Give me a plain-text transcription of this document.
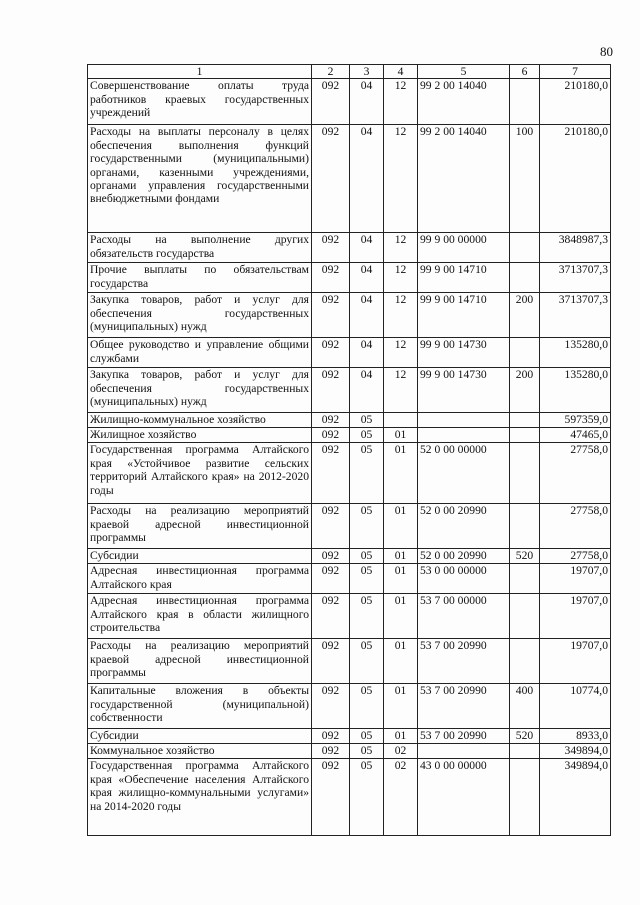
80
1	2	3	4	5	6	7
Совершенствование оплаты труда работников краевых государственных учреждений	092	04	12	99 2 00 14040		210180,0
Расходы на выплаты персоналу в целях обеспечения выполнения функций государственными (муниципальными) органами, казенными учреждениями, органами управления государственными внебюджетными фондами	092	04	12	99 2 00 14040	100	210180,0
Расходы на выполнение других обязательств государства	092	04	12	99 9 00 00000		3848987,3
Прочие выплаты по обязательствам государства	092	04	12	99 9 00 14710		3713707,3
Закупка товаров, работ и услуг для обеспечения государственных (муниципальных) нужд	092	04	12	99 9 00 14710	200	3713707,3
Общее руководство и управление общими службами	092	04	12	99 9 00 14730		135280,0
Закупка товаров, работ и услуг для обеспечения государственных (муниципальных) нужд	092	04	12	99 9 00 14730	200	135280,0
Жилищно-коммунальное хозяйство	092	05				597359,0
Жилищное хозяйство	092	05	01			47465,0
Государственная программа Алтайского края «Устойчивое развитие сельских территорий Алтайского края» на 2012-2020 годы	092	05	01	52 0 00 00000		27758,0
Расходы на реализацию мероприятий краевой адресной инвестиционной программы	092	05	01	52 0 00 20990		27758,0
Субсидии	092	05	01	52 0 00 20990	520	27758,0
Адресная инвестиционная программа Алтайского края	092	05	01	53 0 00 00000		19707,0
Адресная инвестиционная программа Алтайского края в области жилищного строительства	092	05	01	53 7 00 00000		19707,0
Расходы на реализацию мероприятий краевой адресной инвестиционной программы	092	05	01	53 7 00 20990		19707,0
Капитальные вложения в объекты государственной (муниципальной) собственности	092	05	01	53 7 00 20990	400	10774,0
Субсидии	092	05	01	53 7 00 20990	520	8933,0
Коммунальное хозяйство	092	05	02			349894,0
Государственная программа Алтайского края «Обеспечение населения Алтайского края жилищно-коммунальными услугами» на 2014-2020 годы	092	05	02	43 0 00 00000		349894,0
